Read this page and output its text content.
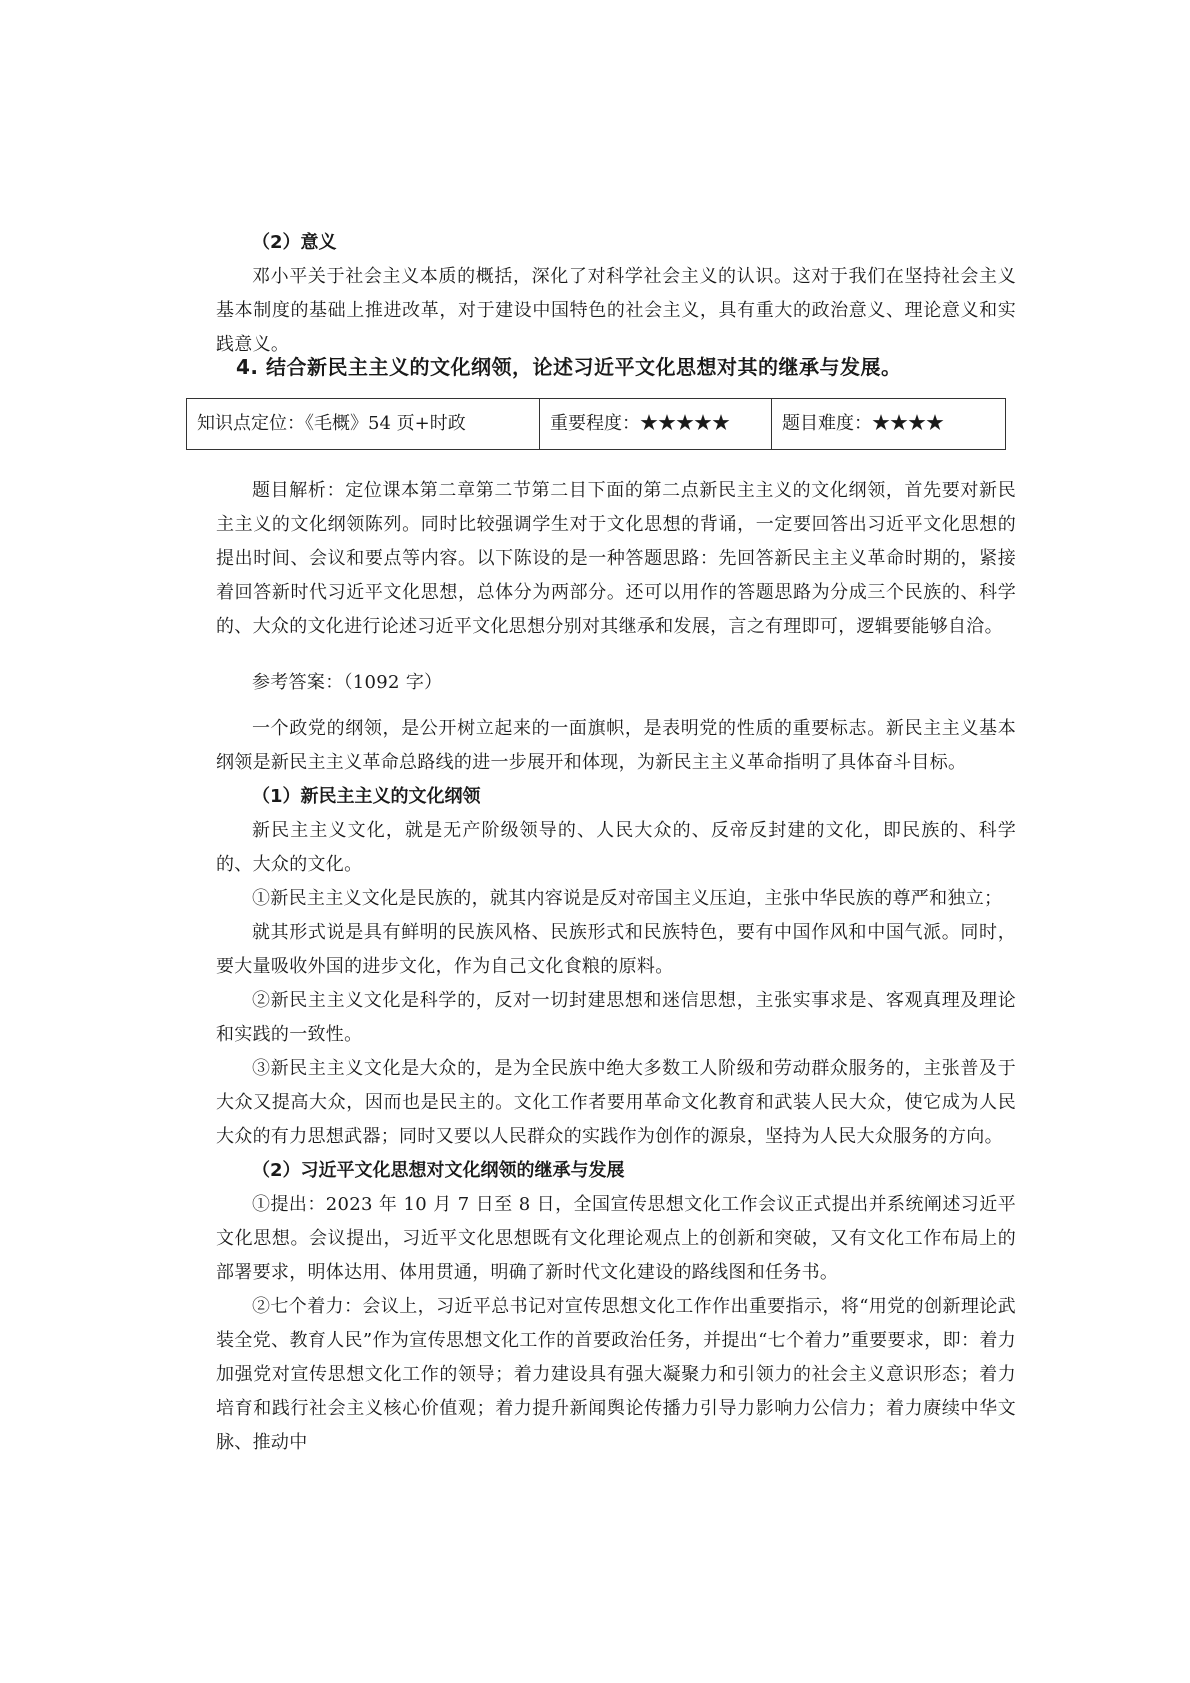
（2）意义
邓小平关于社会主义本质的概括，深化了对科学社会主义的认识。这对于我们在坚持社会主义基本制度的基础上推进改革，对于建设中国特色的社会主义，具有重大的政治意义、理论意义和实践意义。
4. 结合新民主主义的文化纲领，论述习近平文化思想对其的继承与发展。
知识点定位：《毛概》54 页+时政	重要程度：★★★★★	题目难度：★★★★
题目解析：定位课本第二章第二节第二目下面的第二点新民主主义的文化纲领，首先要对新民主主义的文化纲领陈列。同时比较强调学生对于文化思想的背诵，一定要回答出习近平文化思想的提出时间、会议和要点等内容。以下陈设的是一种答题思路：先回答新民主主义革命时期的，紧接着回答新时代习近平文化思想，总体分为两部分。还可以用作的答题思路为分成三个民族的、科学的、大众的文化进行论述习近平文化思想分别对其继承和发展，言之有理即可，逻辑要能够自洽。
参考答案：（1092 字）
一个政党的纲领，是公开树立起来的一面旗帜，是表明党的性质的重要标志。新民主主义基本纲领是新民主主义革命总路线的进一步展开和体现，为新民主主义革命指明了具体奋斗目标。
（1）新民主主义的文化纲领
新民主主义文化，就是无产阶级领导的、人民大众的、反帝反封建的文化，即民族的、科学的、大众的文化。
①新民主主义文化是民族的，就其内容说是反对帝国主义压迫，主张中华民族的尊严和独立；
就其形式说是具有鲜明的民族风格、民族形式和民族特色，要有中国作风和中国气派。同时，要大量吸收外国的进步文化，作为自己文化食粮的原料。
②新民主主义文化是科学的，反对一切封建思想和迷信思想，主张实事求是、客观真理及理论和实践的一致性。
③新民主主义文化是大众的，是为全民族中绝大多数工人阶级和劳动群众服务的，主张普及于大众又提高大众，因而也是民主的。文化工作者要用革命文化教育和武装人民大众，使它成为人民大众的有力思想武器；同时又要以人民群众的实践作为创作的源泉，坚持为人民大众服务的方向。
（2）习近平文化思想对文化纲领的继承与发展
①提出：2023 年 10 月 7 日至 8 日，全国宣传思想文化工作会议正式提出并系统阐述习近平文化思想。会议提出，习近平文化思想既有文化理论观点上的创新和突破，又有文化工作布局上的部署要求，明体达用、体用贯通，明确了新时代文化建设的路线图和任务书。
②七个着力：会议上，习近平总书记对宣传思想文化工作作出重要指示，将“用党的创新理论武装全党、教育人民”作为宣传思想文化工作的首要政治任务，并提出“七个着力”重要要求，即：着力加强党对宣传思想文化工作的领导；着力建设具有强大凝聚力和引领力的社会主义意识形态；着力培育和践行社会主义核心价值观；着力提升新闻舆论传播力引导力影响力公信力；着力赓续中华文脉、推动中
